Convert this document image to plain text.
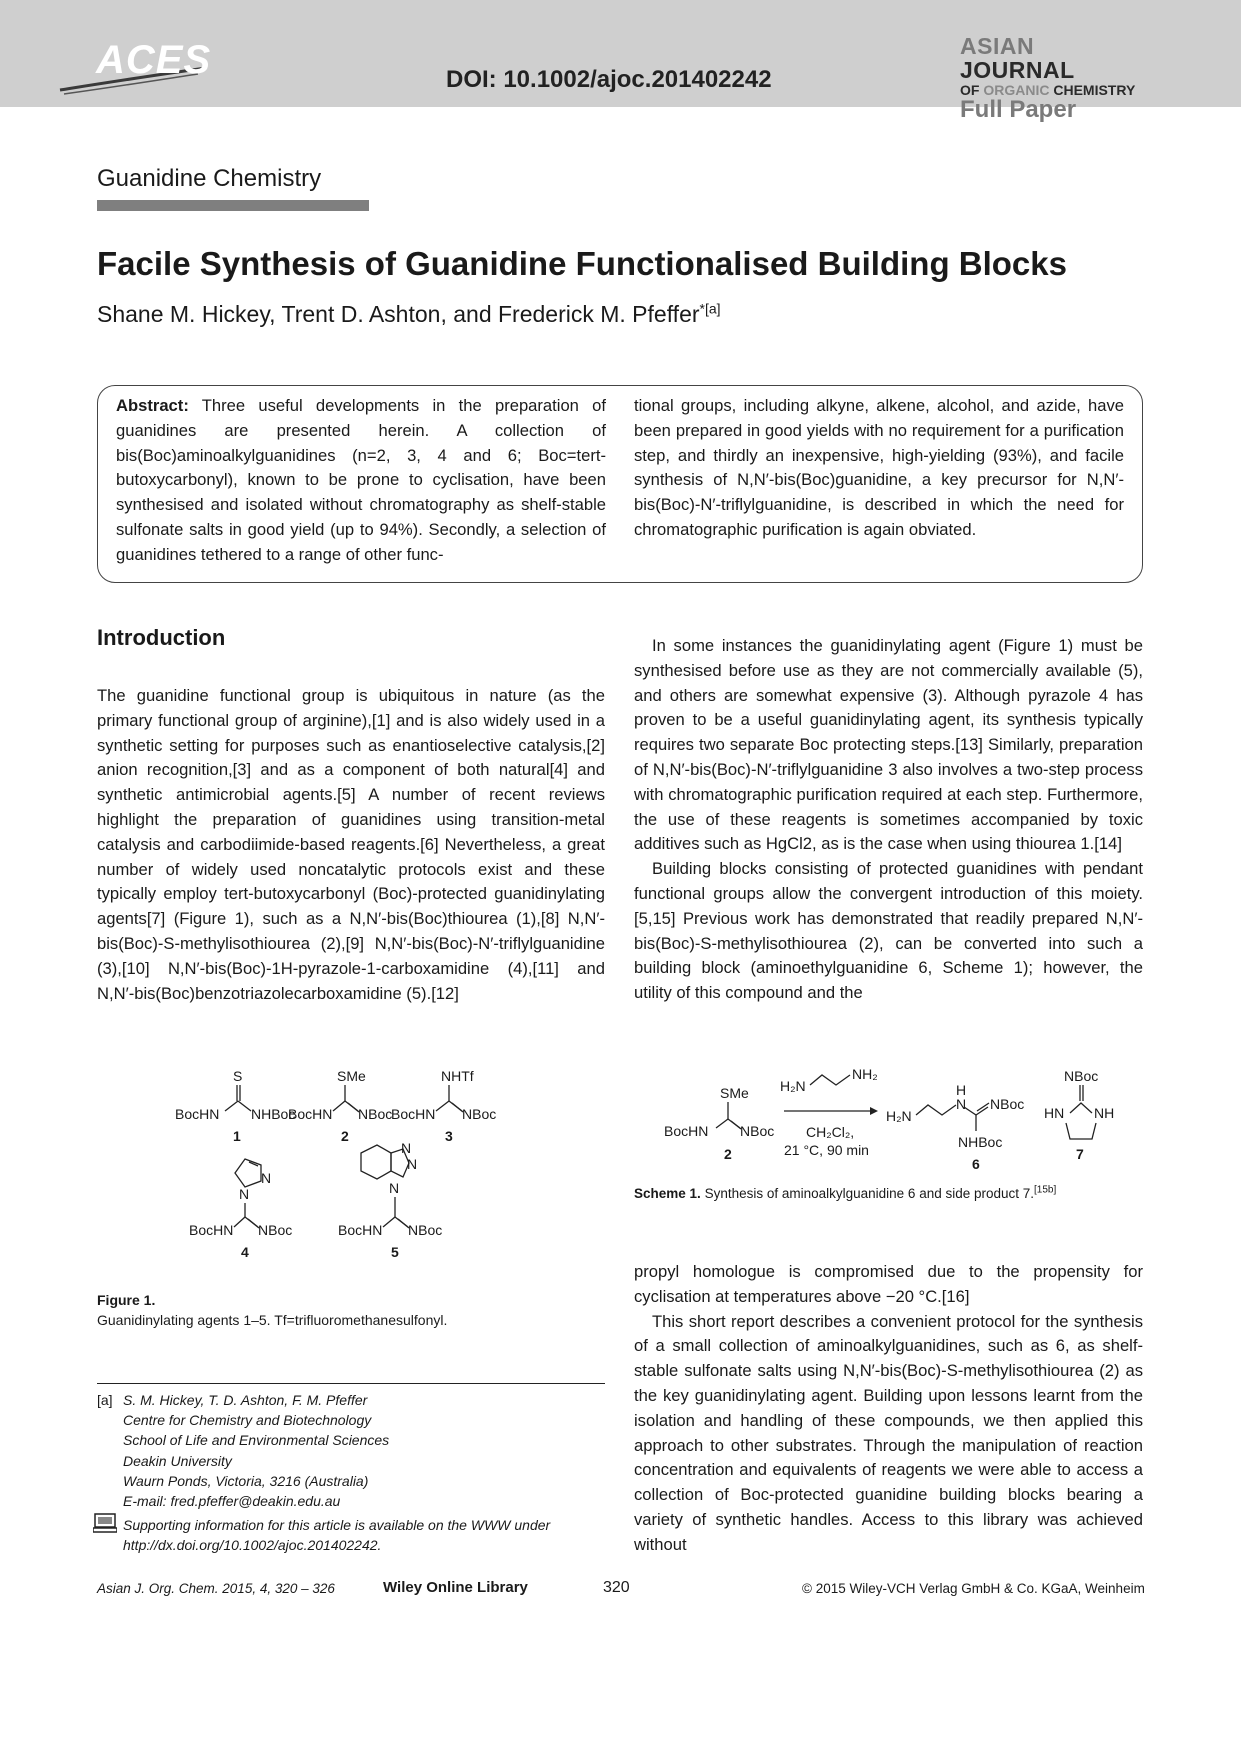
ACES	DOI: 10.1002/ajoc.201402242
ASIAN JOURNAL
OF ORGANIC CHEMISTRY
Full Paper
Guanidine Chemistry
Facile Synthesis of Guanidine Functionalised Building Blocks
Shane M. Hickey, Trent D. Ashton, and Frederick M. Pfeffer$^{*[a]}$

Abstract: Three useful developments in the preparation of guanidines are presented herein. A collection of bis(Boc)aminoalkylguanidines (n=2, 3, 4 and 6; Boc=tert-butoxycarbonyl), known to be prone to cyclisation, have been synthesised and isolated without chromatography as shelf-stable sulfonate salts in good yield (up to 94%). Secondly, a selection of guanidines tethered to a range of other func-

tional groups, including alkyne, alkene, alcohol, and azide, have been prepared in good yields with no requirement for a purification step, and thirdly an inexpensive, high-yielding (93%), and facile synthesis of N,N′-bis(Boc)guanidine, a key precursor for N,N′-bis(Boc)-N′-triflylguanidine, is described in which the need for chromatographic purification is again obviated.

Introduction

The guanidine functional group is ubiquitous in nature (as the primary functional group of arginine),[1] and is also widely used in a synthetic setting for purposes such as enantioselective catalysis,[2] anion recognition,[3] and as a component of both natural[4] and synthetic antimicrobial agents.[5] A number of recent reviews highlight the preparation of guanidines using transition-metal catalysis and carbodiimide-based reagents.[6] Nevertheless, a great number of widely used noncatalytic protocols exist and these typically employ tert-butoxycarbonyl (Boc)-protected guanidinylating agents[7] (Figure 1), such as a N,N′-bis(Boc)thiourea (1),[8] N,N′-bis(Boc)-S-methylisothiourea (2),[9] N,N′-bis(Boc)-N′-triflylguanidine (3),[10] N,N′-bis(Boc)-1H-pyrazole-1-carboxamidine (4),[11] and N,N′-bis(Boc)benzotriazolecarboxamidine (5).[12]

In some instances the guanidinylating agent (Figure 1) must be synthesised before use as they are not commercially available (5), and others are somewhat expensive (3). Although pyrazole 4 has proven to be a useful guanidinylating agent, its synthesis typically requires two separate Boc protecting steps.[13] Similarly, preparation of N,N′-bis(Boc)-N′-triflylguanidine 3 also involves a two-step process with chromatographic purification required at each step. Furthermore, the use of these reagents is sometimes accompanied by toxic additives such as HgCl2, as is the case when using thiourea 1.[14]

Building blocks consisting of protected guanidines with pendant functional groups allow the convergent introduction of this moiety.[5,15] Previous work has demonstrated that readily prepared N,N′-bis(Boc)-S-methylisothiourea (2), can be converted into such a building block (aminoethylguanidine 6, Scheme 1); however, the utility of this compound and the

propyl homologue is compromised due to the propensity for cyclisation at temperatures above −20 °C.[16]

This short report describes a convenient protocol for the synthesis of a small collection of aminoalkylguanidines, such as 6, as shelf-stable sulfonate salts using N,N′-bis(Boc)-S-methylisothiourea (2) as the key guanidinylating agent. Building upon lessons learnt from the isolation and handling of these compounds, we then applied this approach to other substrates. Through the manipulation of reaction concentration and equivalents of reagents we were able to access a collection of Boc-protected guanidine building blocks bearing a variety of synthetic handles. Access to this library was achieved without

S
BocHN NHBoc
1
SMe
BocHN NBoc
2
NHTf
BocHN NBoc
3
N
N
BocHN NBoc
4
N
N
N
BocHN NBoc
5
Figure 1.
Guanidinylating agents 1–5. Tf=trifluoromethanesulfonyl.
SMe
BocHN NBoc
2
H₂N
NH₂
CH₂Cl₂,
21 °C, 90 min
H₂N
H
N NBoc
NHBoc
6
NBoc
HN NH
7
Scheme 1. Synthesis of aminoalkylguanidine 6 and side product 7.[15b]
[a] S. M. Hickey, T. D. Ashton, F. M. Pfeffer
Centre for Chemistry and Biotechnology
School of Life and Environmental Sciences
Deakin University
Waurn Ponds, Victoria, 3216 (Australia)
E-mail: fred.pfeffer@deakin.edu.au
Supporting information for this article is available on the WWW under
http://dx.doi.org/10.1002/ajoc.201402242.
Asian J. Org. Chem. 2015, 4, 320 – 326	Wiley Online Library	320	© 2015 Wiley-VCH Verlag GmbH & Co. KGaA, Weinheim
